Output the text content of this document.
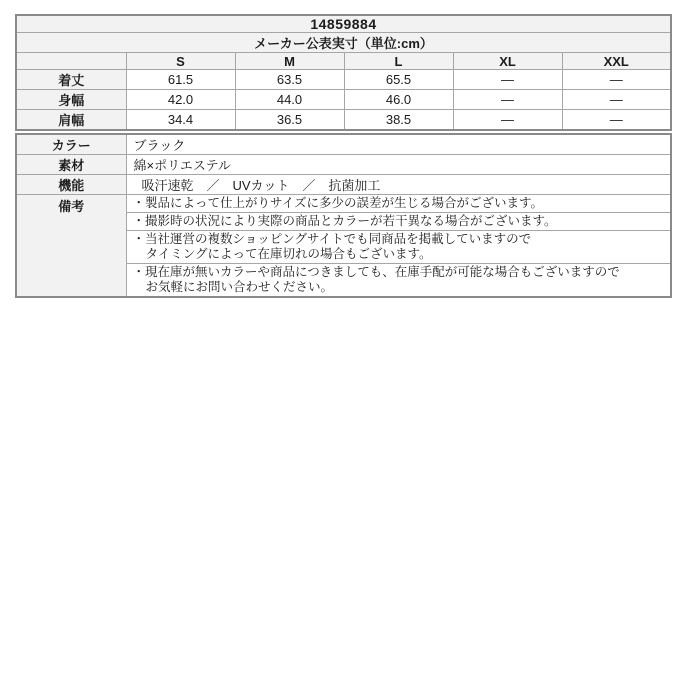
14859884					
メーカー公表実寸（単位:cm）					
	S	M	L	XL	XXL
着丈	61.5	63.5	65.5	—	—
身幅	42.0	44.0	46.0	—	—
肩幅	34.4	36.5	38.5	—	—
カラー	ブラック
素材	綿×ポリエステル
機能	吸汗速乾　／　UVカット　／　抗菌加工
備考	・製品によって仕上がりサイズに多少の誤差が生じる場合がございます。

	・撮影時の状況により実際の商品とカラーが若干異なる場合がございます。

	・当社運営の複数ショッピングサイトでも同商品を掲載していますので
タイミングによって在庫切れの場合もございます。

	・現在庫が無いカラーや商品につきましても、在庫手配が可能な場合もございますので
お気軽にお問い合わせください。
